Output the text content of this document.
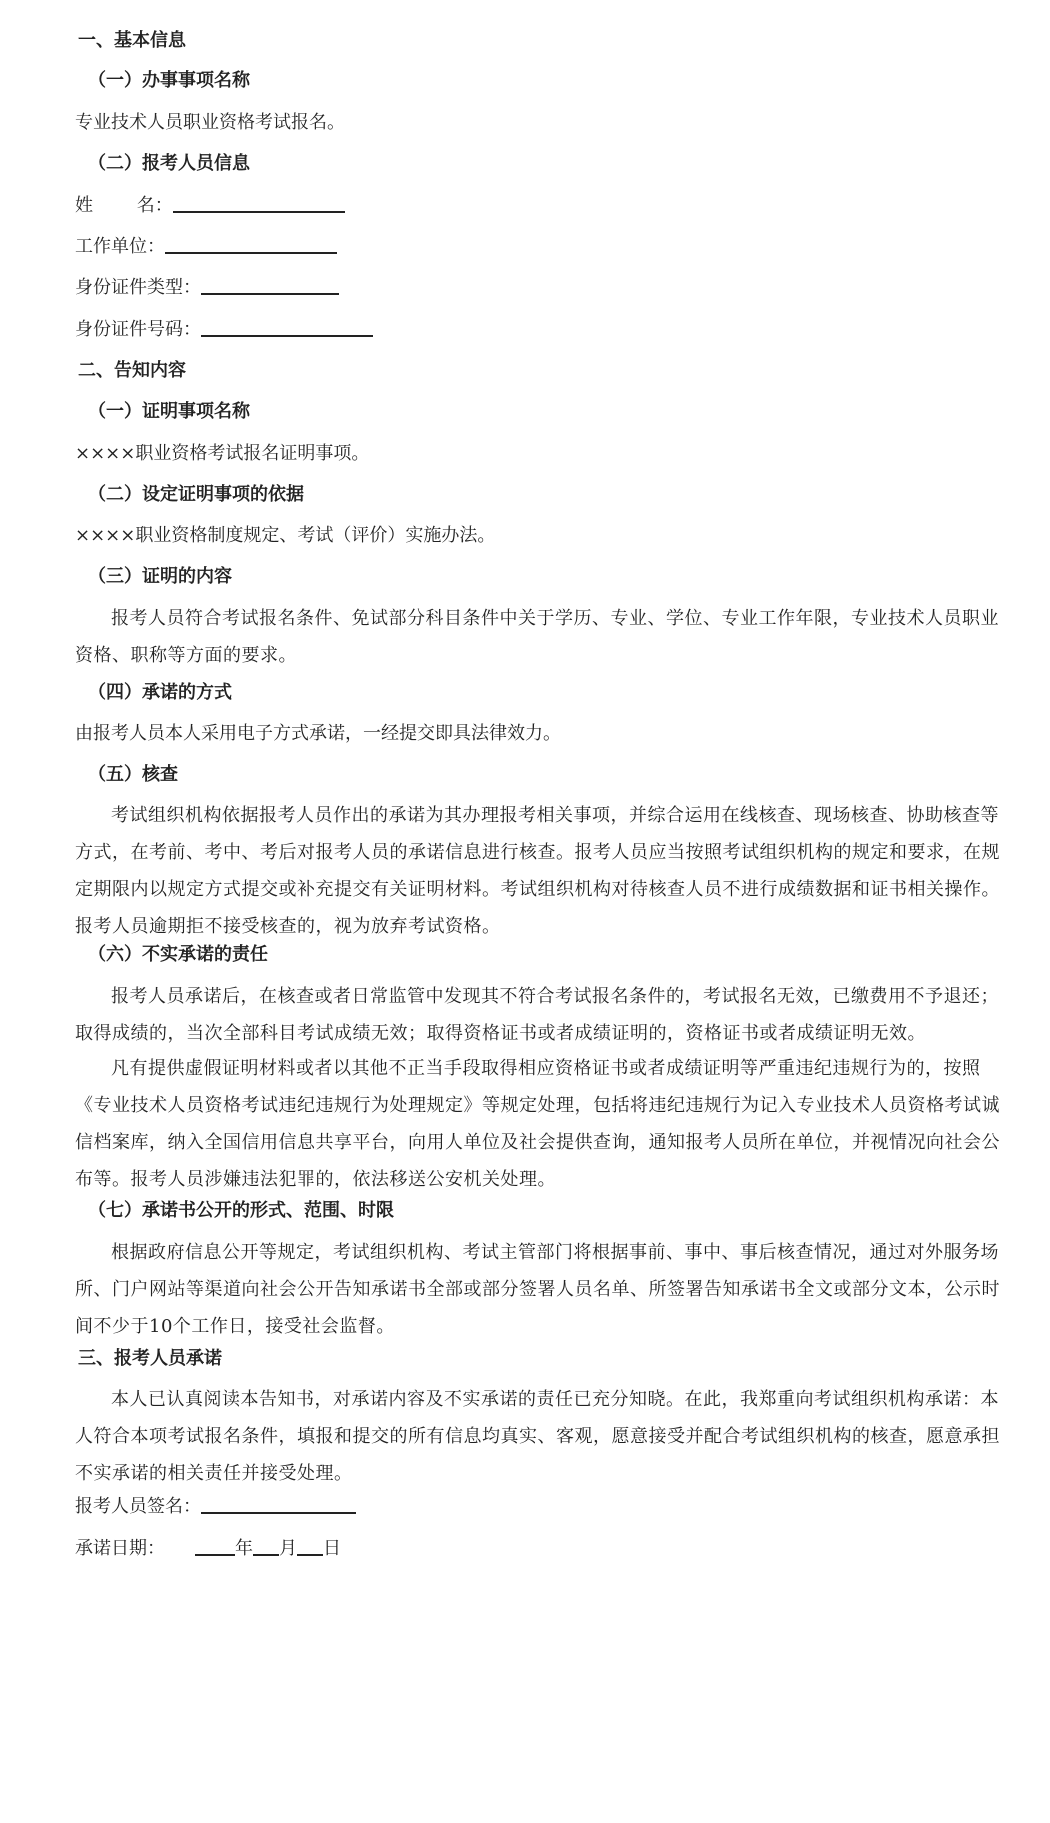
一、基本信息
（一）办事事项名称
专业技术人员职业资格考试报名。
（二）报考人员信息
姓 名：
工作单位：
身份证件类型：
身份证件号码：
二、告知内容
（一）证明事项名称
××××职业资格考试报名证明事项。
（二）设定证明事项的依据
××××职业资格制度规定、考试（评价）实施办法。
（三）证明的内容
报考人员符合考试报名条件、免试部分科目条件中关于学历、专业、学位、专业工作年限，专业技术人员职业资格、职称等方面的要求。
（四）承诺的方式
由报考人员本人采用电子方式承诺，一经提交即具法律效力。
（五）核查
考试组织机构依据报考人员作出的承诺为其办理报考相关事项，并综合运用在线核查、现场核查、协助核查等方式，在考前、考中、考后对报考人员的承诺信息进行核查。报考人员应当按照考试组织机构的规定和要求，在规定期限内以规定方式提交或补充提交有关证明材料。考试组织机构对待核查人员不进行成绩数据和证书相关操作。报考人员逾期拒不接受核查的，视为放弃考试资格。
（六）不实承诺的责任
报考人员承诺后，在核查或者日常监管中发现其不符合考试报名条件的，考试报名无效，已缴费用不予退还；取得成绩的，当次全部科目考试成绩无效；取得资格证书或者成绩证明的，资格证书或者成绩证明无效。
凡有提供虚假证明材料或者以其他不正当手段取得相应资格证书或者成绩证明等严重违纪违规行为的，按照《专业技术人员资格考试违纪违规行为处理规定》等规定处理，包括将违纪违规行为记入专业技术人员资格考试诚信档案库，纳入全国信用信息共享平台，向用人单位及社会提供查询，通知报考人员所在单位，并视情况向社会公布等。报考人员涉嫌违法犯罪的，依法移送公安机关处理。
（七）承诺书公开的形式、范围、时限
根据政府信息公开等规定，考试组织机构、考试主管部门将根据事前、事中、事后核查情况，通过对外服务场所、门户网站等渠道向社会公开告知承诺书全部或部分签署人员名单、所签署告知承诺书全文或部分文本，公示时间不少于10个工作日，接受社会监督。
三、报考人员承诺
本人已认真阅读本告知书，对承诺内容及不实承诺的责任已充分知晓。在此，我郑重向考试组织机构承诺：本人符合本项考试报名条件，填报和提交的所有信息均真实、客观，愿意接受并配合考试组织机构的核查，愿意承担不实承诺的相关责任并接受处理。
报考人员签名：
承诺日期：	年 月 日
